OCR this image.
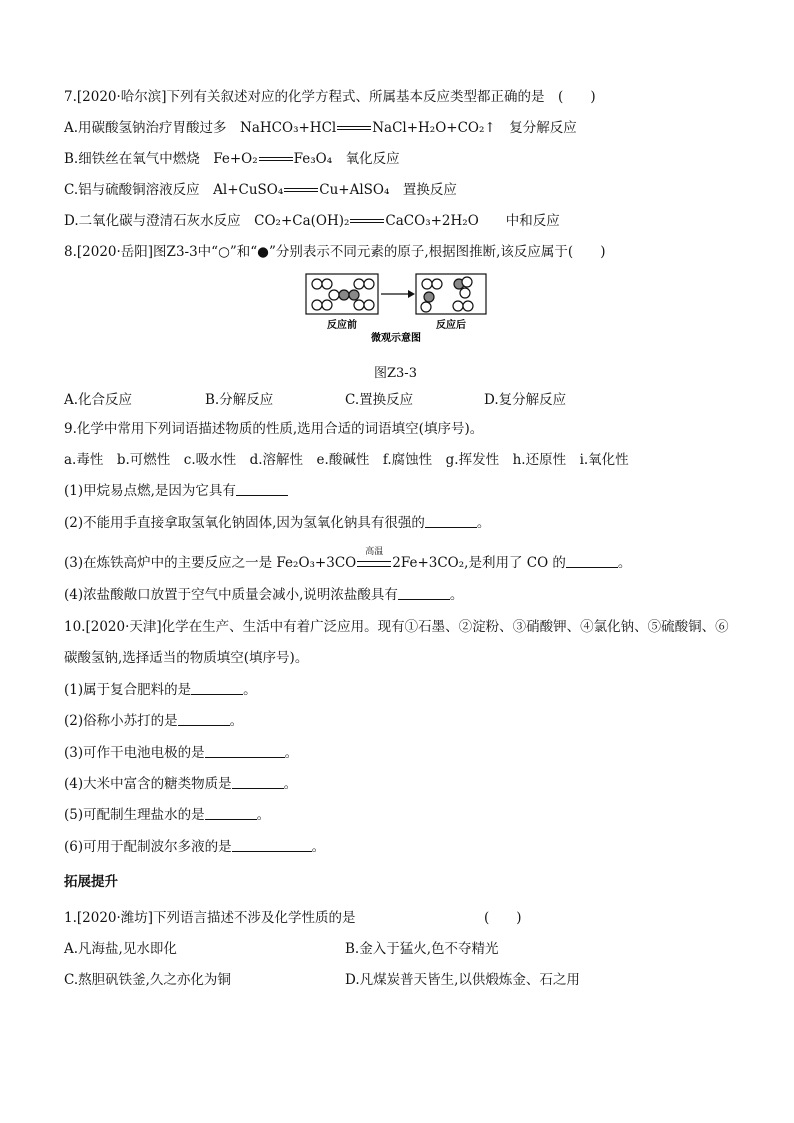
7.[2020·哈尔滨]下列有关叙述对应的化学方程式、所属基本反应类型都正确的是　(　　)
A.用碳酸氢钠治疗胃酸过多　NaHCO₃+HCl	NaCl+H₂O+CO₂↑　复分解反应
B.细铁丝在氧气中燃烧　Fe+O₂	Fe₃O₄　氧化反应
C.铝与硫酸铜溶液反应　Al+CuSO₄	Cu+AlSO₄　置换反应
D.二氧化碳与澄清石灰水反应　CO₂+Ca(OH)₂	CaCO₃+2H₂O　　中和反应
8.[2020·岳阳]图Z3-3中“○”和“●”分别表示不同元素的原子,根据图推断,该反应属于(　　)
反应前	反应后
微观示意图
图Z3-3
A.化合反应	B.分解反应	C.置换反应	D.复分解反应
9.化学中常用下列词语描述物质的性质,选用合适的词语填空(填序号)。
a.毒性　b.可燃性　c.吸水性　d.溶解性　e.酸碱性　f.腐蚀性　g.挥发性　h.还原性　i.氧化性
(1)甲烷易点燃,是因为它具有
(2)不能用手直接拿取氢氧化钠固体,因为氢氧化钠具有很强的	。
(3)在炼铁高炉中的主要反应之一是 Fe₂O₃+3CO
高温
2Fe+3CO₂,是利用了 CO 的	。
(4)浓盐酸敞口放置于空气中质量会减小,说明浓盐酸具有	。
10.[2020·天津]化学在生产、生活中有着广泛应用。现有①石墨、②淀粉、③硝酸钾、④氯化钠、⑤硫酸铜、⑥
碳酸氢钠,选择适当的物质填空(填序号)。
(1)属于复合肥料的是	。
(2)俗称小苏打的是	。
(3)可作干电池电极的是	。
(4)大米中富含的糖类物质是	。
(5)可配制生理盐水的是	。
(6)可用于配制波尔多液的是	。
拓展提升
1.[2020·潍坊]下列语言描述不涉及化学性质的是	(　　)
A.凡海盐,见水即化	B.金入于猛火,色不夺精光
C.熬胆矾铁釜,久之亦化为铜	D.凡煤炭普天皆生,以供煅炼金、石之用
